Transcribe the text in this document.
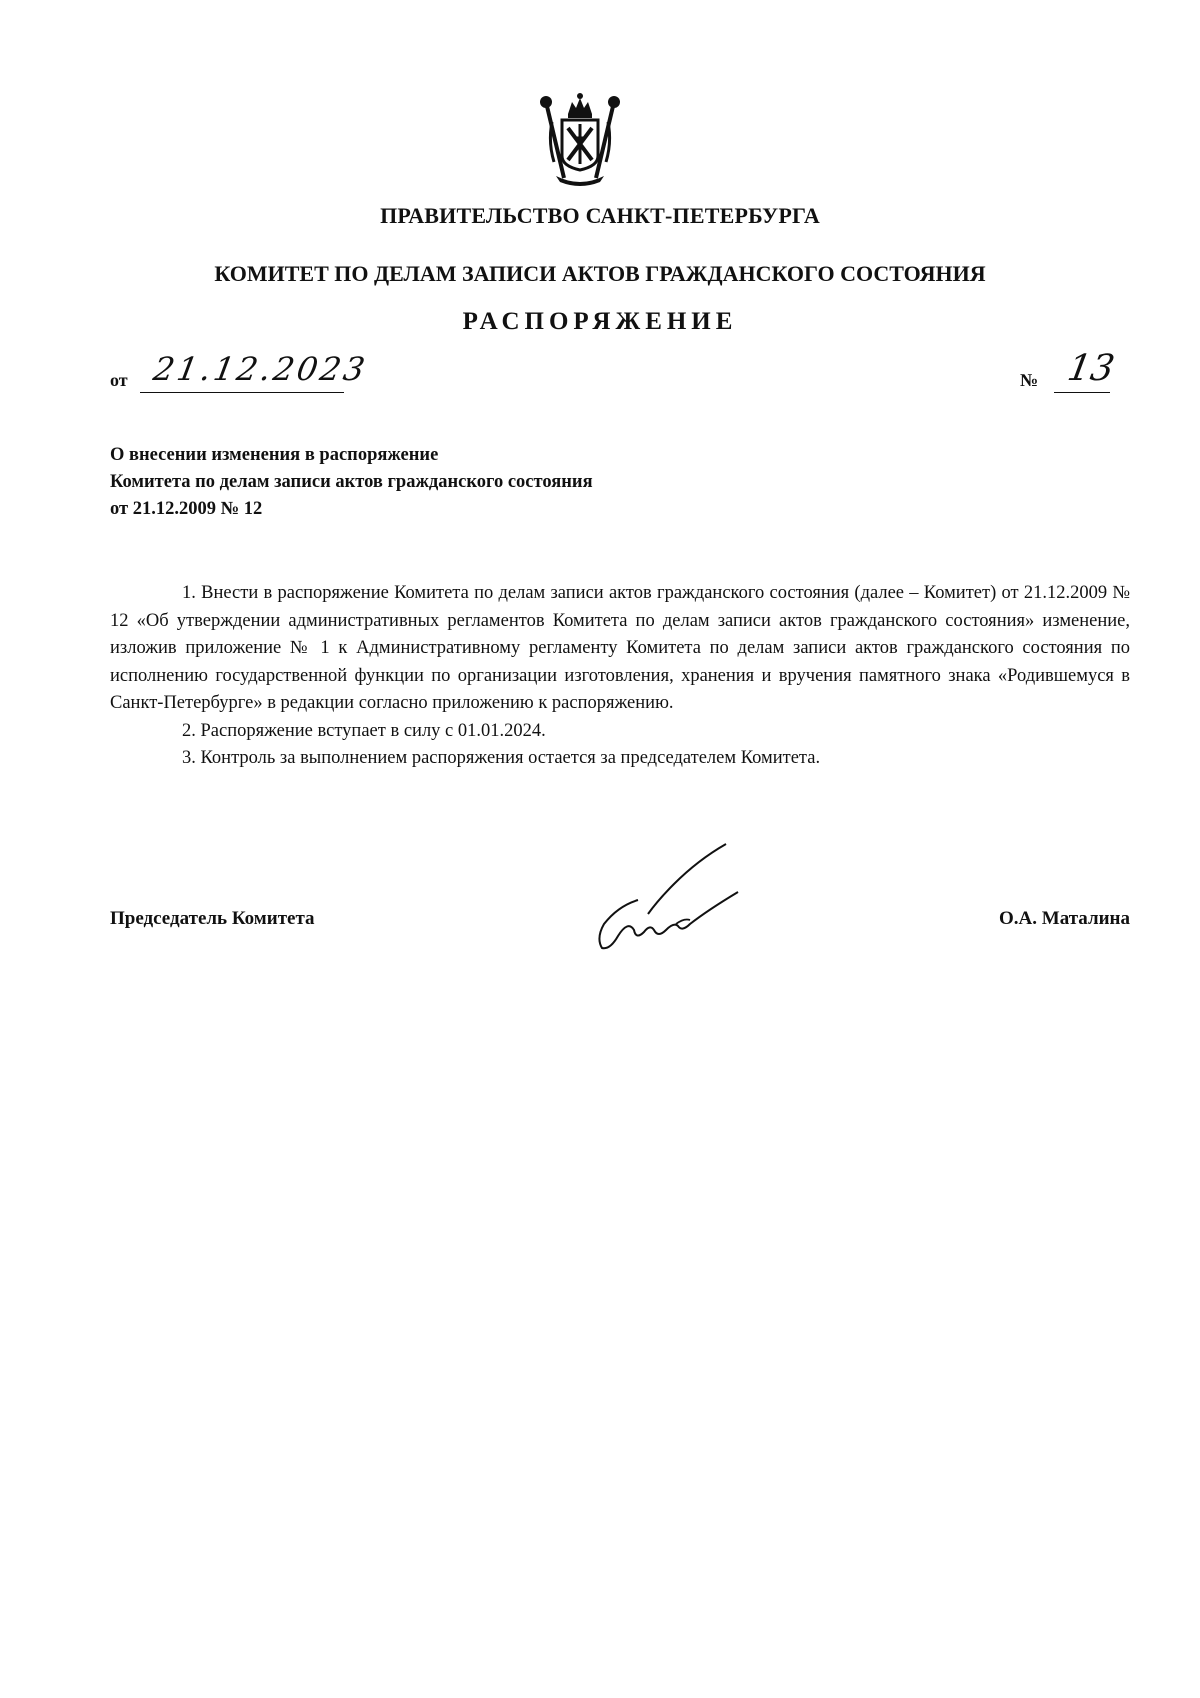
ПРАВИТЕЛЬСТВО САНКТ-ПЕТЕРБУРГА
КОМИТЕТ ПО ДЕЛАМ ЗАПИСИ АКТОВ ГРАЖДАНСКОГО СОСТОЯНИЯ
РАСПОРЯЖЕНИЕ
от 21.12.2023	№ 13
О внесении изменения в распоряжение
Комитета по делам записи актов гражданского состояния
от 21.12.2009 № 12

1. Внести в распоряжение Комитета по делам записи актов гражданского состояния (далее – Комитет) от 21.12.2009 № 12 «Об утверждении административных регламентов Комитета по делам записи актов гражданского состояния» изменение, изложив приложение № 1 к Административному регламенту Комитета по делам записи актов гражданского состояния по исполнению государственной функции по организации изготовления, хранения и вручения памятного знака «Родившемуся в Санкт-Петербурге» в редакции согласно приложению к распоряжению.

2. Распоряжение вступает в силу с 01.01.2024.

3. Контроль за выполнением распоряжения остается за председателем Комитета.

Председатель Комитета	О.А. Маталина
